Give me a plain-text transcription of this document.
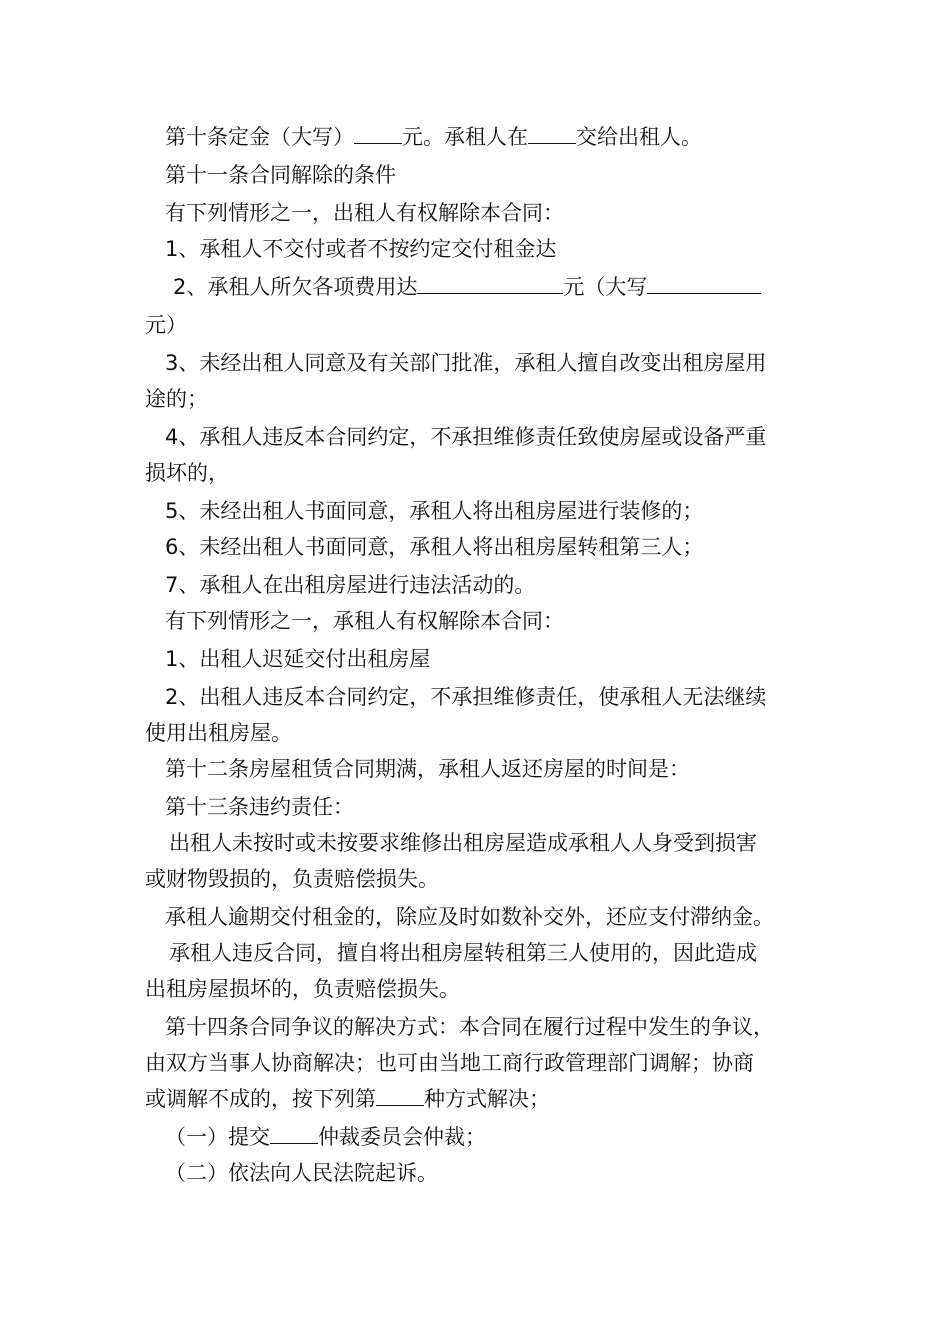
第十条定金（大写） 元。承租人在 交给出租人。

第十一条合同解除的条件

有下列情形之一，出租人有权解除本合同：

1、承租人不交付或者不按约定交付租金达

2、承租人所欠各项费用达	元（大写

元）

3、未经出租人同意及有关部门批准，承租人擅自改变出租房屋用

途的；

4、承租人违反本合同约定，不承担维修责任致使房屋或设备严重

损坏的，

5、未经出租人书面同意，承租人将出租房屋进行装修的；

6、未经出租人书面同意，承租人将出租房屋转租第三人；

7、承租人在出租房屋进行违法活动的。

有下列情形之一，承租人有权解除本合同：

1、出租人迟延交付出租房屋

2、出租人违反本合同约定，不承担维修责任，使承租人无法继续

使用出租房屋。

第十二条房屋租赁合同期满，承租人返还房屋的时间是：

第十三条违约责任：

出租人未按时或未按要求维修出租房屋造成承租人人身受到损害

或财物毁损的，负责赔偿损失。

承租人逾期交付租金的，除应及时如数补交外，还应支付滞纳金。

承租人违反合同，擅自将出租房屋转租第三人使用的，因此造成

出租房屋损坏的，负责赔偿损失。

第十四条合同争议的解决方式：本合同在履行过程中发生的争议，

由双方当事人协商解决；也可由当地工商行政管理部门调解；协商

或调解不成的，按下列第 种方式解决；

（一）提交 仲裁委员会仲裁；

（二）依法向人民法院起诉。
